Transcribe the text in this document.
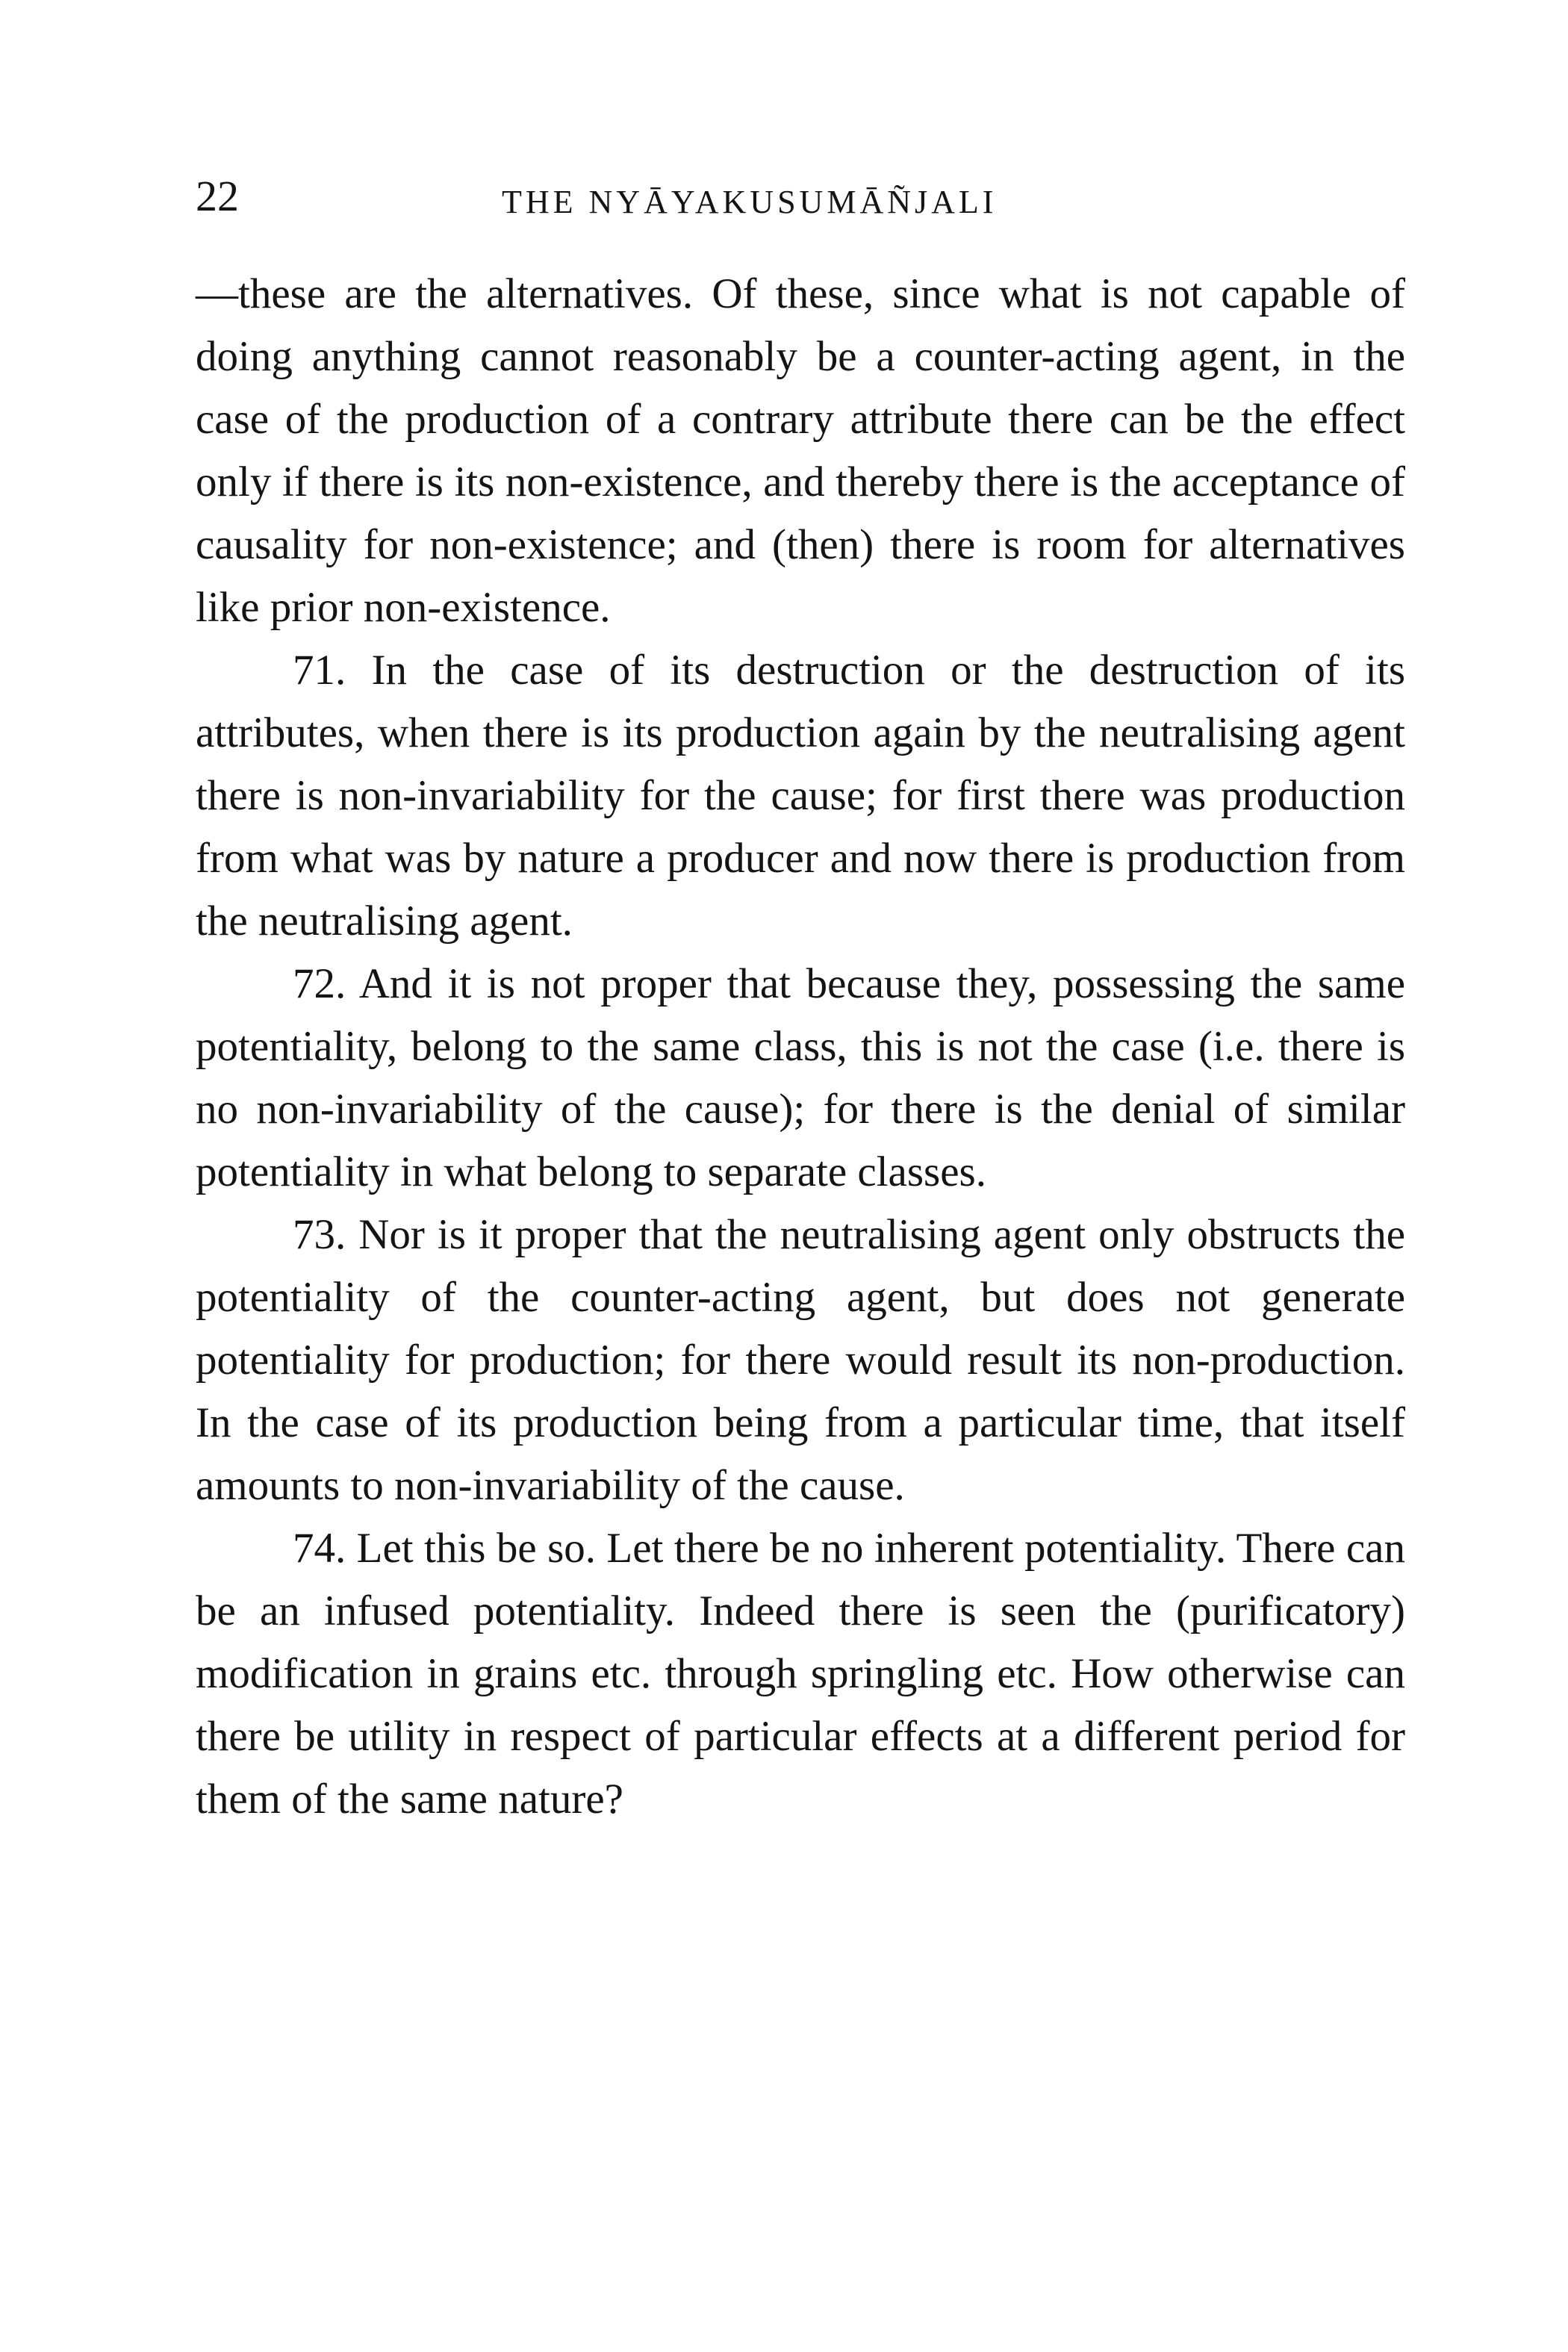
22	THE NYĀYAKUSUMĀÑJALI

—these are the alternatives. Of these, since what is not capable of doing anything cannot reasonably be a counter-acting agent, in the case of the production of a contrary attribute there can be the effect only if there is its non-existence, and thereby there is the acceptance of causality for non-existence; and (then) there is room for alternatives like prior non-existence.

71. In the case of its destruction or the destruction of its attributes, when there is its production again by the neutralising agent there is non-invariability for the cause; for first there was production from what was by nature a producer and now there is production from the neutralising agent.

72. And it is not proper that because they, possessing the same potentiality, belong to the same class, this is not the case (i.e. there is no non-invariability of the cause); for there is the denial of similar potentiality in what belong to separate classes.

73. Nor is it proper that the neutralising agent only obstructs the potentiality of the counter-acting agent, but does not generate potentiality for production; for there would result its non-production. In the case of its production being from a particular time, that itself amounts to non-invariability of the cause.

74. Let this be so. Let there be no inherent potentiality. There can be an infused potentiality. Indeed there is seen the (purificatory) modification in grains etc. through springling etc. How otherwise can there be utility in respect of particular effects at a different period for them of the same nature?
